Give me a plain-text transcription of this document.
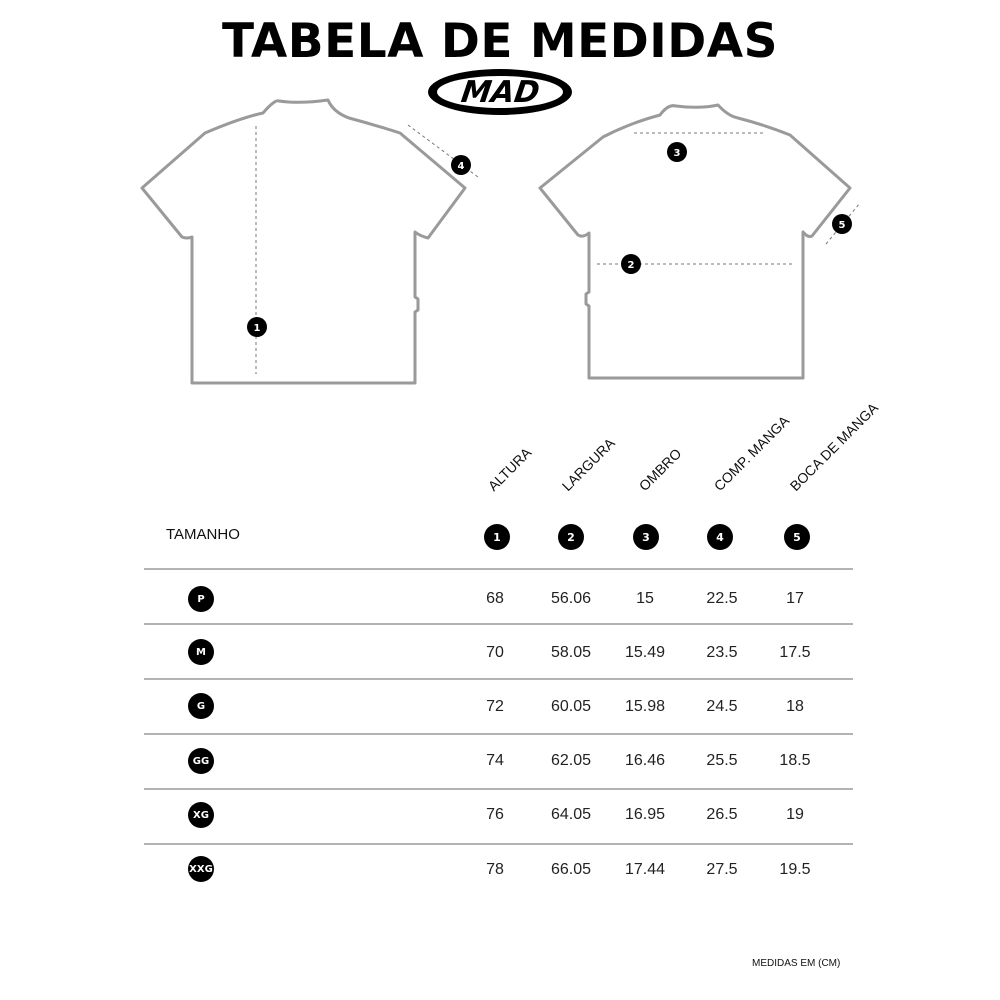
TABELA DE MEDIDAS
MAD
1
4
3
2
5
ALTURA LARGURA OMBRO COMP. MANGA
BOCA DE MANGA
TAMANHO	1	2	3	4	5
P	68	56.06	15	22.5	17
M	70	58.05	15.49	23.5	17.5
G	72	60.05	15.98	24.5	18
GG	74	62.05	16.46	25.5	18.5
XG	76	64.05	16.95	26.5	19
XXG	78	66.05	17.44	27.5	19.5
MEDIDAS EM (CM)
